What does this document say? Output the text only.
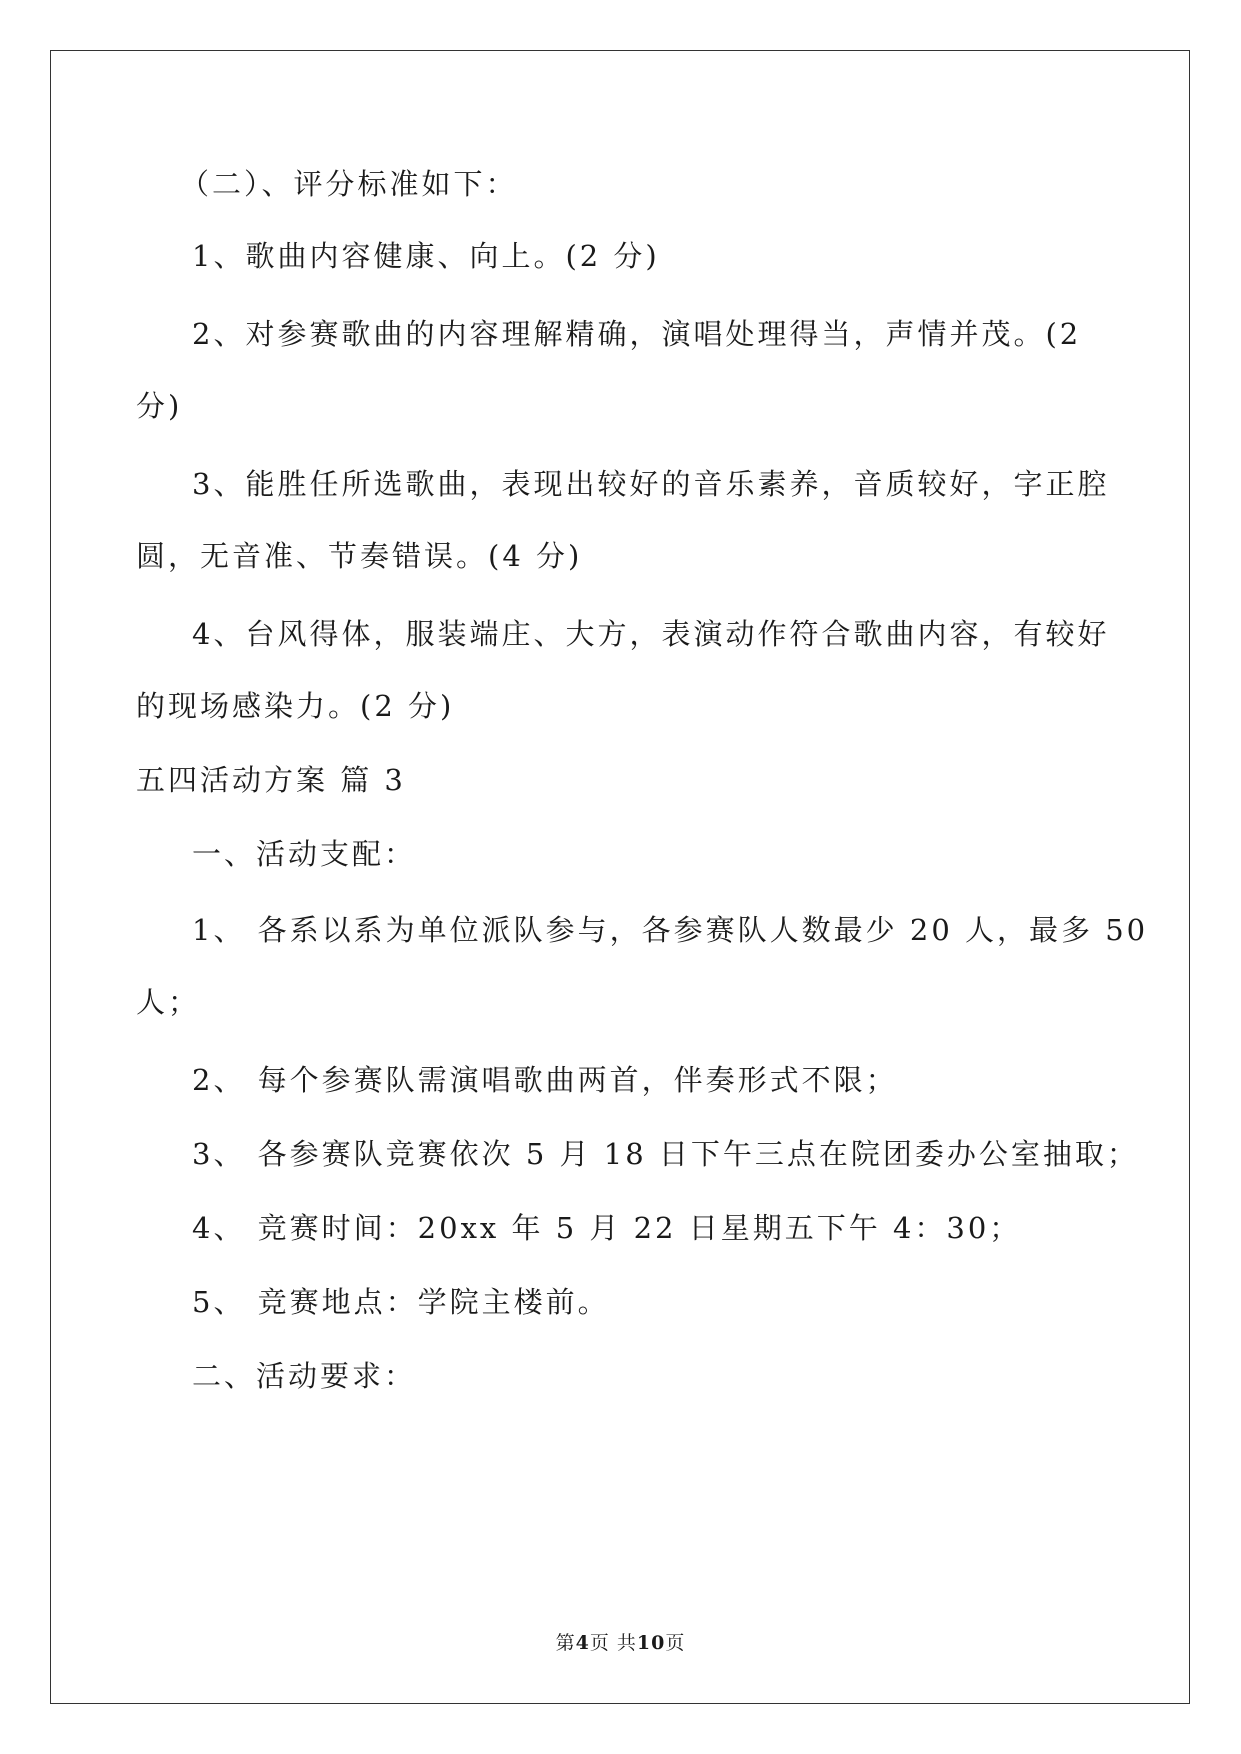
（二）、评分标准如下：
1、歌曲内容健康、向上。(2 分)
2、对参赛歌曲的内容理解精确，演唱处理得当，声情并茂。(2
分)
3、能胜任所选歌曲，表现出较好的音乐素养，音质较好，字正腔
圆，无音准、节奏错误。(4 分)
4、台风得体，服装端庄、大方，表演动作符合歌曲内容，有较好
的现场感染力。(2 分)
五四活动方案 篇 3
一、活动支配：
1、 各系以系为单位派队参与，各参赛队人数最少 20 人，最多 50
人；
2、 每个参赛队需演唱歌曲两首，伴奏形式不限；
3、 各参赛队竞赛依次 5 月 18 日下午三点在院团委办公室抽取；
4、 竞赛时间：20xx 年 5 月 22 日星期五下午 4：30；
5、 竞赛地点：学院主楼前。
二、活动要求：
第4页 共10页
